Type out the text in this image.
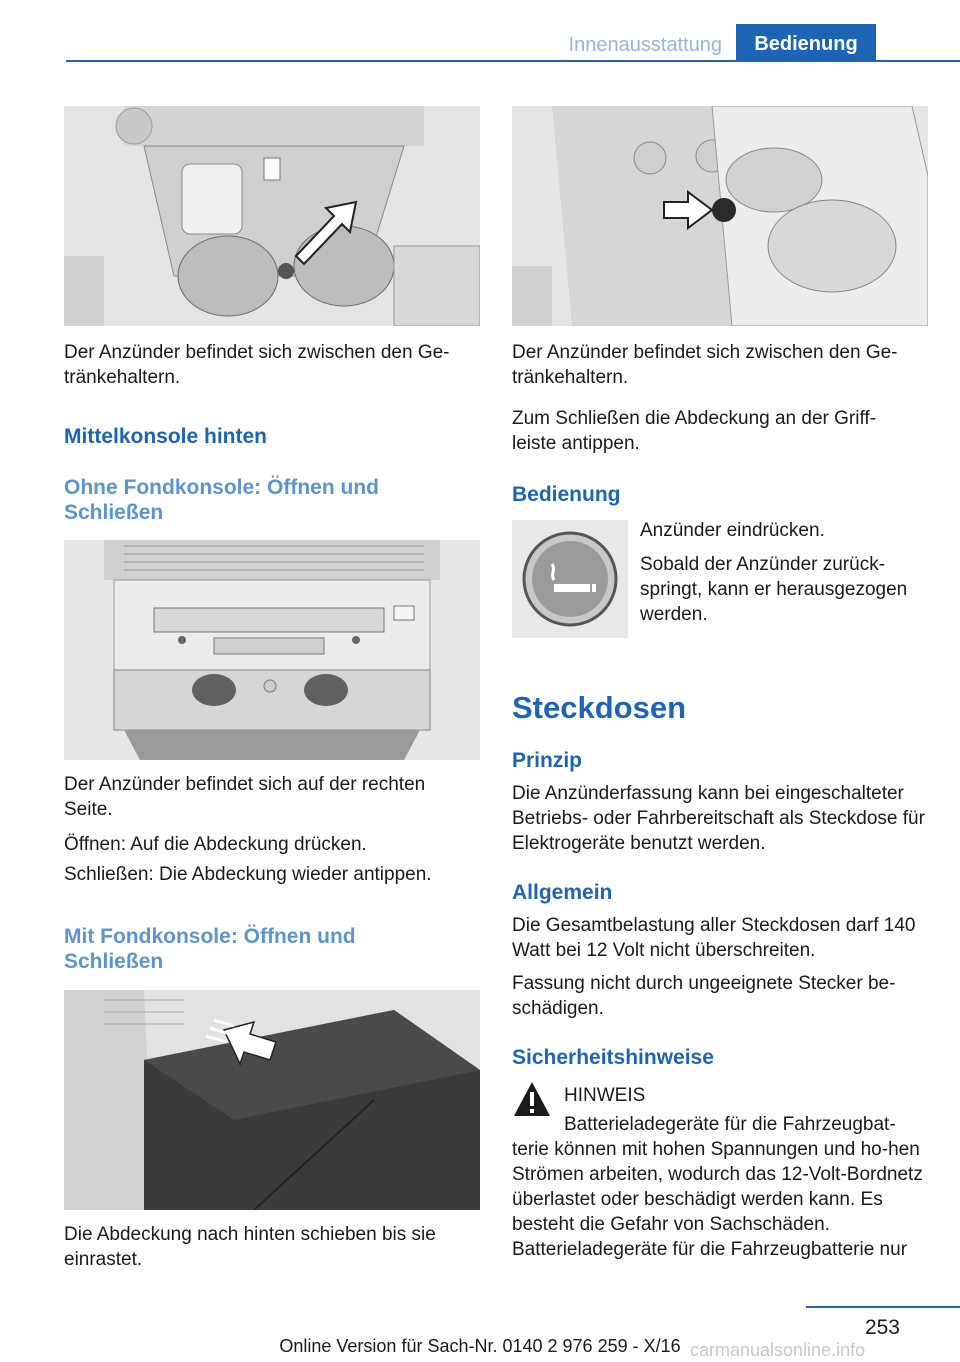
Innenausstattung	Bedienung
Der Anzünder befindet sich zwischen den Ge‐tränkehaltern.
Mittelkonsole hinten
Ohne Fondkonsole: Öffnen und Schließen
Der Anzünder befindet sich auf der rechten Seite.
Öffnen: Auf die Abdeckung drücken.
Schließen: Die Abdeckung wieder antippen.
Mit Fondkonsole: Öffnen und Schließen
Die Abdeckung nach hinten schieben bis sie einrastet.
Der Anzünder befindet sich zwischen den Ge‐tränkehaltern.
Zum Schließen die Abdeckung an der Griff‐leiste antippen.
Bedienung
Anzünder eindrücken.
Sobald der Anzünder zurück‐springt, kann er herausgezogen werden.
Steckdosen
Prinzip
Die Anzünderfassung kann bei eingeschalteter Betriebs- oder Fahrbereitschaft als Steckdose für Elektrogeräte benutzt werden.
Allgemein
Die Gesamtbelastung aller Steckdosen darf 140 Watt bei 12 Volt nicht überschreiten.
Fassung nicht durch ungeeignete Stecker be‐schädigen.
Sicherheitshinweise
HINWEIS
Batterieladegeräte für die Fahrzeugbat‐terie können mit hohen Spannungen und ho‐hen Strömen arbeiten, wodurch das 12-Volt-Bordnetz überlastet oder beschädigt werden kann. Es besteht die Gefahr von Sachschäden. Batterieladegeräte für die Fahrzeugbatterie nur
253
Online Version für Sach-Nr. 0140 2 976 259 - X/16 carmanualsonline.info
